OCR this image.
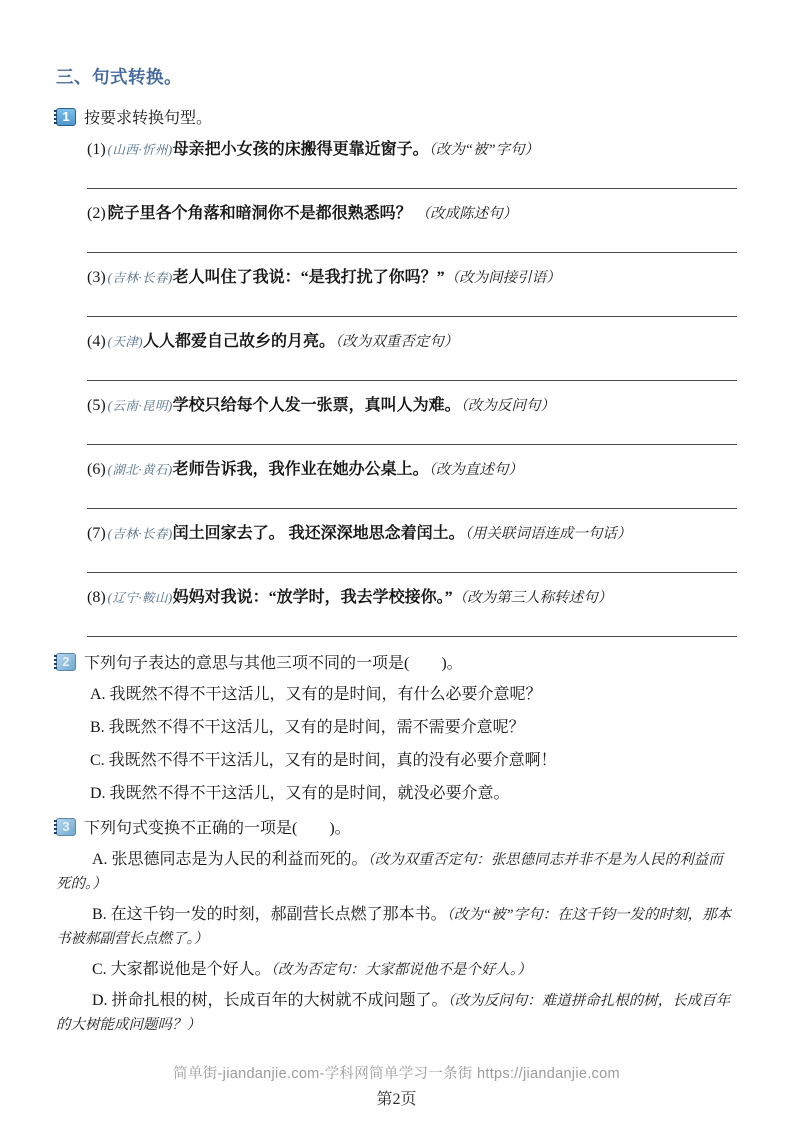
三、句式转换。
1 按要求转换句型。
(1) (山西·忻州)母亲把小女孩的床搬得更靠近窗子。（改为“被”字句）
(2) 院子里各个角落和暗洞你不是都很熟悉吗？ （改成陈述句）
(3) (吉林·长春)老人叫住了我说：“是我打扰了你吗？”（改为间接引语）
(4) (天津)人人都爱自己故乡的月亮。（改为双重否定句）
(5) (云南·昆明)学校只给每个人发一张票，真叫人为难。（改为反问句）
(6) (湖北·黄石)老师告诉我，我作业在她办公桌上。（改为直述句）
(7) (吉林·长春)闰土回家去了。 我还深深地思念着闰土。（用关联词语连成一句话）
(8) (辽宁·鞍山)妈妈对我说：“放学时，我去学校接你。”（改为第三人称转述句）
2 下列句子表达的意思与其他三项不同的一项是(　　)。
A. 我既然不得不干这活儿，又有的是时间，有什么必要介意呢？
B. 我既然不得不干这活儿，又有的是时间，需不需要介意呢？
C. 我既然不得不干这活儿，又有的是时间，真的没有必要介意啊！
D. 我既然不得不干这活儿，又有的是时间，就没必要介意。
3 下列句式变换不正确的一项是(　　)。
A. 张思德同志是为人民的利益而死的。（改为双重否定句：张思德同志并非不是为人民的利益而死的。）
B. 在这千钧一发的时刻，郝副营长点燃了那本书。（改为“被”字句：在这千钧一发的时刻，那本书被郝副营长点燃了。）
C. 大家都说他是个好人。（改为否定句：大家都说他不是个好人。）
D. 拼命扎根的树，长成百年的大树就不成问题了。（改为反问句：难道拼命扎根的树，长成百年的大树能成问题吗？）
简单街-jiandanjie.com-学科网简单学习一条街 https://jiandanjie.com
第2页
